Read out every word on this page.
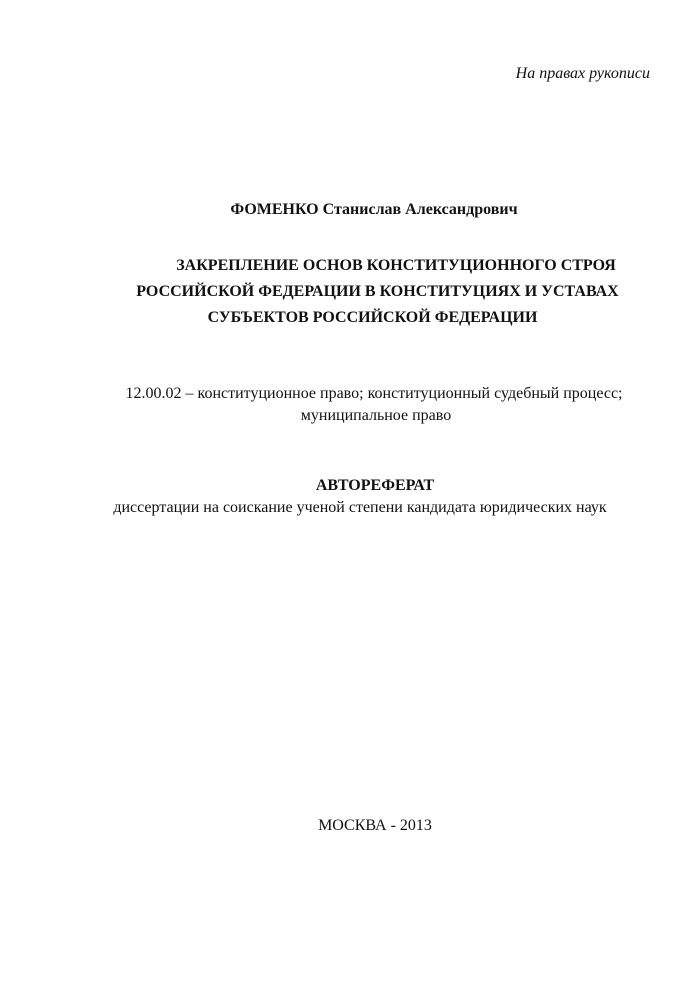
На правах рукописи
ФОМЕНКО Станислав Александрович
ЗАКРЕПЛЕНИЕ ОСНОВ КОНСТИТУЦИОННОГО СТРОЯ
РОССИЙСКОЙ ФЕДЕРАЦИИ В КОНСТИТУЦИЯХ И УСТАВАХ
СУБЪЕКТОВ РОССИЙСКОЙ ФЕДЕРАЦИИ
12.00.02 – конституционное право; конституционный судебный процесс;
муниципальное право
АВТОРЕФЕРАТ
диссертации на соискание ученой степени кандидата юридических наук
МОСКВА - 2013
